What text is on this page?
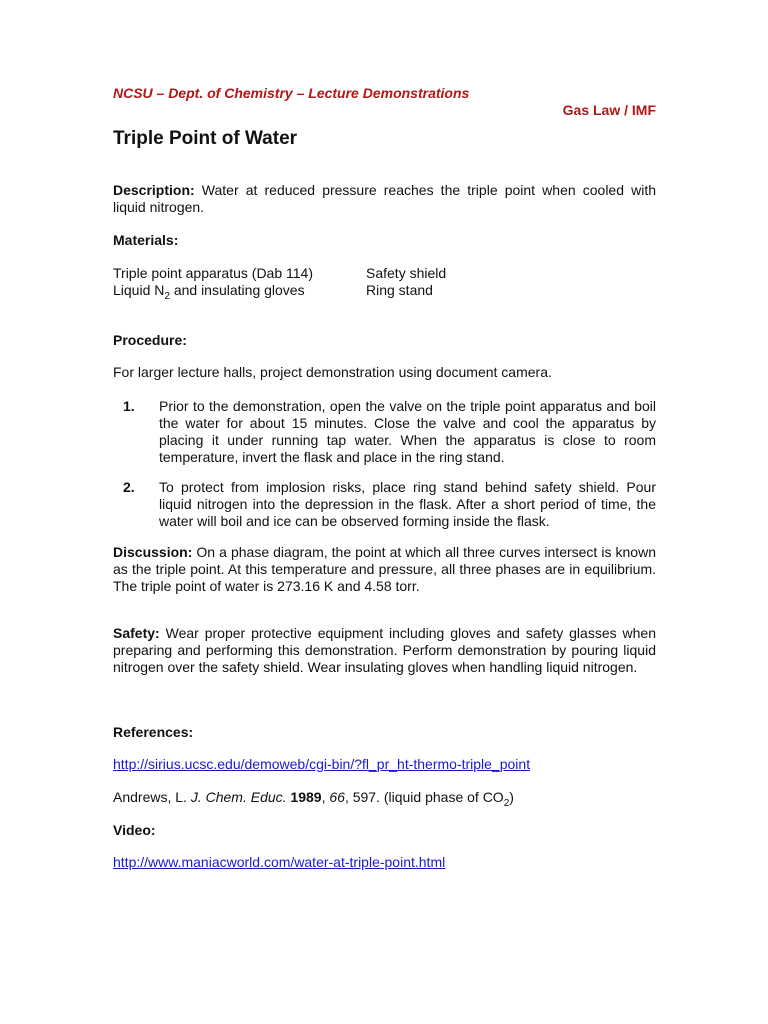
NCSU – Dept. of Chemistry – Lecture Demonstrations
Gas Law / IMF
Triple Point of Water
Description: Water at reduced pressure reaches the triple point when cooled with liquid nitrogen.
Materials:
Triple point apparatus (Dab 114)	Safety shield
Liquid $N_2$ and insulating gloves	Ring stand
Procedure:
For larger lecture halls, project demonstration using document camera.
1.	Prior to the demonstration, open the valve on the triple point apparatus and boil the water for about 15 minutes. Close the valve and cool the apparatus by placing it under running tap water. When the apparatus is close to room temperature, invert the flask and place in the ring stand.
2.	To protect from implosion risks, place ring stand behind safety shield. Pour liquid nitrogen into the depression in the flask. After a short period of time, the water will boil and ice can be observed forming inside the flask.
Discussion: On a phase diagram, the point at which all three curves intersect is known as the triple point. At this temperature and pressure, all three phases are in equilibrium. The triple point of water is 273.16 K and 4.58 torr.
Safety: Wear proper protective equipment including gloves and safety glasses when preparing and performing this demonstration. Perform demonstration by pouring liquid nitrogen over the safety shield. Wear insulating gloves when handling liquid nitrogen.
References:
http://sirius.ucsc.edu/demoweb/cgi-bin/?fl_pr_ht-thermo-triple_point
Andrews, L. J. Chem. Educ. 1989, 66, 597. (liquid phase of $CO_2$)
Video:
http://www.maniacworld.com/water-at-triple-point.html
